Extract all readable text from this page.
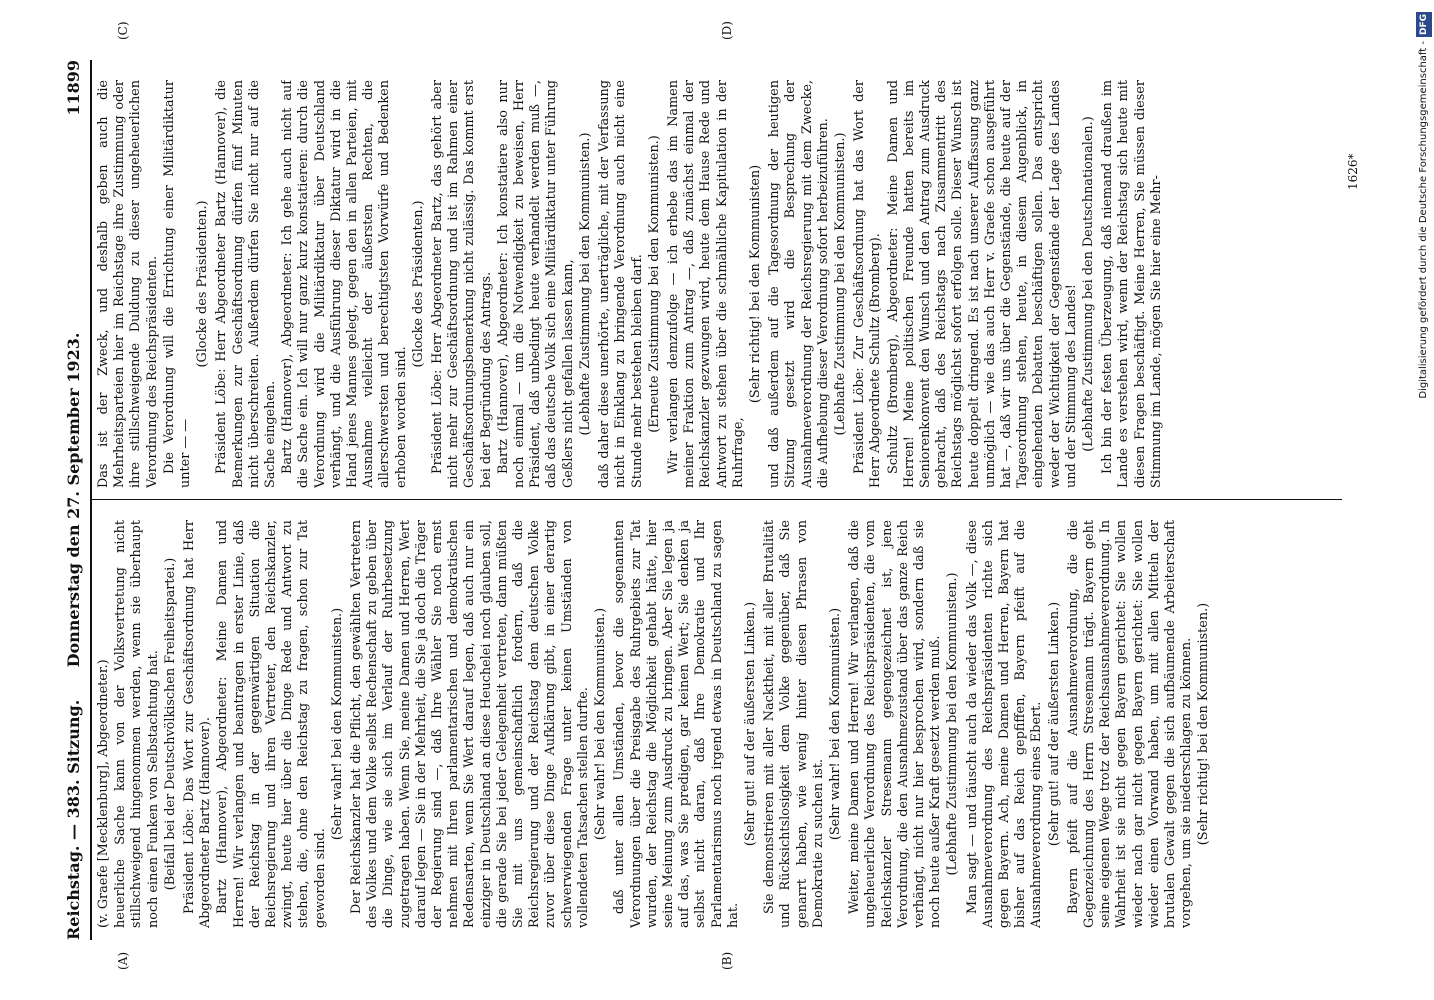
Reichstag. — 383. Sitzung.
Donnerstag den 27. September 1923.
11899
(A)	(B)
(C)	(D)

(v. Graefe [Mecklenburg], Abgeordneter.) heuerliche Sache kann von der Volksvertretung nicht stillschweigend hingenommen werden, wenn sie überhaupt noch einen Funken von Selbstachtung hat. (Beifall bei der Deutschvölkischen Freiheitspartei.) Präsident Löbe: Das Wort zur Geschäftsordnung hat Herr Abgeordneter Bartz (Hannover). Bartz (Hannover), Abgeordneter: Meine Damen und Herren! Wir verlangen und beantragen in erster Linie, daß der Reichstag in der gegenwärtigen Situation die Reichsregierung und ihren Vertreter, den Reichskanzler, zwingt, heute hier über die Dinge Rede und Antwort zu stehen, die, ohne den Reichstag zu fragen, schon zur Tat geworden sind.

(Sehr wahr! bei den Kommunisten.) Der Reichskanzler hat die Pflicht, den gewählten Vertretern des Volkes und dem Volke selbst Rechenschaft zu geben über die Dinge, wie sie sich im Verlauf der Ruhrbesetzung zugetragen haben. Wenn Sie, meine Damen und Herren, Wert darauf legen — Sie in der Mehrheit, die Sie ja doch die Träger der Regierung sind —, daß Ihre Wähler Sie noch ernst nehmen mit Ihren parlamentarischen und demokratischen Redensarten, wenn Sie Wert darauf legen, daß auch nur ein einziger in Deutschland an diese Heuchelei noch glauben soll, die gerade Sie bei jeder Gelegenheit vertreten, dann müßten Sie mit uns gemeinschaftlich fordern, daß die Reichsregierung und der Reichstag dem deutschen Volke zuvor über diese Dinge Aufklärung gibt, in einer derartig schwerwiegenden Frage unter keinen Umständen von vollendeten Tatsachen stellen durfte. (Sehr wahr! bei den Kommunisten.) daß unter allen Umständen, bevor die sogenannten Verordnungen über die Preisgabe des Ruhrgebiets zur Tat wurden, der Reichstag die Möglichkeit gehabt hätte, hier seine Meinung zum Ausdruck zu bringen. Aber Sie legen ja auf das, was Sie predigen, gar keinen Wert; Sie denken ja selbst nicht daran, daß Ihre Demokratie und Ihr Parlamentarismus noch irgend etwas in Deutschland zu sagen hat.

(Sehr gut! auf der äußersten Linken.) Sie demonstrieren mit aller Nacktheit, mit aller Brutalität und Rücksichtslosigkeit dem Volke gegenüber, daß Sie genarrt haben, wie wenig hinter diesen Phrasen von Demokratie zu suchen ist.

(Sehr wahr! bei den Kommunisten.) Weiter, meine Damen und Herren! Wir verlangen, daß die ungeheuerliche Verordnung des Reichspräsidenten, die vom Reichskanzler Stresemann gegengezeichnet ist, jene Verordnung, die den Ausnahmezustand über das ganze Reich verhängt, nicht nur hier besprochen wird, sondern daß sie noch heute außer Kraft gesetzt werden muß. (Lebhafte Zustimmung bei den Kommunisten.) Man sagt — und täuscht auch da wieder das Volk —, diese Ausnahmeverordnung des Reichspräsidenten richte sich gegen Bayern. Ach, meine Damen und Herren, Bayern hat bisher auf das Reich gepfiffen, Bayern pfeift auf die Ausnahmeverordnung eines Ebert. (Sehr gut! auf der äußersten Linken.) Bayern pfeift auf die Ausnahmeverordnung, die die Gegenzeichnung des Herrn Stresemann trägt. Bayern geht seine eigenen Wege trotz der Reichsausnahmeverordnung. In Wahrheit ist sie nicht gegen Bayern gerichtet: Sie wollen wieder nach gar nicht gegen Bayern gerichtet: Sie wollen wieder einen Vorwand haben, um mit allen Mitteln der brutalen Gewalt gegen die sich aufbäumende Arbeiterschaft vorgehen, um sie niederschlagen zu können. (Sehr richtig! bei den Kommunisten.)

Das ist der Zweck, und deshalb geben auch die Mehrheitsparteien hier im Reichstage ihre Zustimmung oder ihre stillschweigende Duldung zu dieser ungeheuerlichen Verordnung des Reichspräsidenten. Die Verordnung will die Errichtung einer Militärdiktatur unter — —

(Glocke des Präsidenten.) Präsident Löbe: Herr Abgeordneter Bartz (Hannover), die Bemerkungen zur Geschäftsordnung dürfen fünf Minuten nicht überschreiten. Außerdem dürfen Sie nicht nur auf die Sache eingehen. Bartz (Hannover), Abgeordneter: Ich gehe auch nicht auf die Sache ein. Ich will nur ganz kurz konstatieren: durch die Verordnung wird die Militärdiktatur über Deutschland verhängt, und die Ausführung dieser Diktatur wird in die Hand jenes Mannes gelegt, gegen den in allen Parteien, mit Ausnahme vielleicht der äußersten Rechten, die allerschwersten und berechtigtsten Vorwürfe und Bedenken erhoben worden sind.

(Glocke des Präsidenten.) Präsident Löbe: Herr Abgeordneter Bartz, das gehört aber nicht mehr zur Geschäftsordnung und ist im Rahmen einer Geschäftsordnungsbemerkung nicht zulässig. Das kommt erst bei der Begründung des Antrags. Bartz (Hannover), Abgeordneter: Ich konstatiere also nur noch einmal — um die Notwendigkeit zu beweisen, Herr Präsident, daß unbedingt heute verhandelt werden muß —, daß das deutsche Volk sich eine Militärdiktatur unter Führung Geßlers nicht gefallen lassen kann, (Lebhafte Zustimmung bei den Kommunisten.) daß daher diese unerhörte, unerträgliche, mit der Verfassung nicht in Einklang zu bringende Verordnung auch nicht eine Stunde mehr bestehen bleiben darf. (Erneute Zustimmung bei den Kommunisten.) Wir verlangen demzufolge — ich erhebe das im Namen meiner Fraktion zum Antrag —, daß zunächst einmal der Reichskanzler gezwungen wird, heute dem Hause Rede und Antwort zu stehen über die schmähliche Kapitulation in der Ruhrfrage,

(Sehr richtig! bei den Kommunisten) und daß außerdem auf die Tagesordnung der heutigen Sitzung gesetzt wird die Besprechung der Ausnahmeverordnung der Reichsregierung mit dem Zwecke, die Aufhebung dieser Verordnung sofort herbeizuführen. (Lebhafte Zustimmung bei den Kommunisten.) Präsident Löbe: Zur Geschäftsordnung hat das Wort der Herr Abgeordnete Schultz (Bromberg). Schultz (Bromberg), Abgeordneter: Meine Damen und Herren! Meine politischen Freunde hatten bereits im Seniorenkonvent den Wunsch und den Antrag zum Ausdruck gebracht, daß des Reichstags nach Zusammentritt des Reichstags möglichst sofort erfolgen solle. Dieser Wunsch ist heute doppelt dringend. Es ist nach unserer Auffassung ganz unmöglich — wie das auch Herr v. Graefe schon ausgeführt hat —, daß wir uns über die Gegenstände, die heute auf der Tagesordnung stehen, heute, in diesem Augenblick, in eingehenden Debatten beschäftigen sollen. Das entspricht weder der Wichtigkeit der Gegenstände der Lage des Landes und der Stimmung des Landes! (Lebhafte Zustimmung bei den Deutschnationalen.) Ich bin der festen Überzeugung, daß niemand draußen im Lande es verstehen wird, wenn der Reichstag sich heute mit diesen Fragen beschäftigt. Meine Herren, Sie müssen dieser Stimmung im Lande, mögen Sie hier eine Mehr-

1626*	Digitalisierung gefördert durch die Deutsche Forschungsgemeinschaft -DFG
